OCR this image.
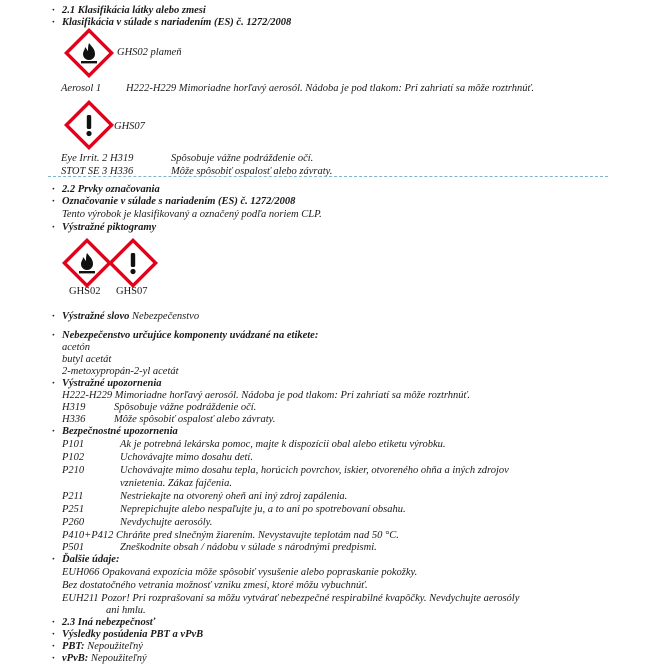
· 2.1 Klasifikácia látky alebo zmesi
· Klasifikácia v súlade s nariadením (ES) č. 1272/2008
GHS02 plameň
Aerosol 1 H222-H229 Mimoriadne horľavý aerosól. Nádoba je pod tlakom: Pri zahriatí sa môže roztrhnúť.
GHS07
Eye Irrit. 2 H319	Spôsobuje vážne podráždenie očí.
STOT SE 3 H336	Môže spôsobiť ospalosť alebo závraty.
· 2.2 Prvky označovania
· Označovanie v súlade s nariadením (ES) č. 1272/2008
Tento výrobok je klasifikovaný a označený podľa noriem CLP.
· Výstražné piktogramy
GHS02 GHS07
· Výstražné slovo Nebezpečenstvo
· Nebezpečenstvo určujúce komponenty uvádzané na etikete:
acetón
butyl acetát
2-metoxypropán-2-yl acetát
· Výstražné upozornenia
H222-H229 Mimoriadne horľavý aerosól. Nádoba je pod tlakom: Pri zahriatí sa môže roztrhnúť.
H319	Spôsobuje vážne podráždenie očí.
H336	Môže spôsobiť ospalosť alebo závraty.
· Bezpečnostné upozornenia
P101	Ak je potrebná lekárska pomoc, majte k dispozícii obal alebo etiketu výrobku.
P102	Uchovávajte mimo dosahu detí.
P210	Uchovávajte mimo dosahu tepla, horúcich povrchov, iskier, otvoreného ohňa a iných zdrojov
vznietenia. Zákaz fajčenia.
P211	Nestriekajte na otvorený oheň ani iný zdroj zapálenia.
P251	Neprepichujte alebo nespaľujte ju, a to ani po spotrebovaní obsahu.
P260	Nevdychujte aerosóly.
P410+P412 Chráňte pred slnečným žiarením. Nevystavujte teplotám nad 50 °C.
P501	Zneškodnite obsah / nádobu v súlade s národnými predpismi.
· Ďalšie údaje:
EUH066 Opakovaná expozícia môže spôsobiť vysušenie alebo popraskanie pokožky.
Bez dostatočného vetrania možnosť vzniku zmesí, ktoré môžu vybuchnúť.
EUH211 Pozor! Pri rozprašovaní sa môžu vytvárať nebezpečné respirabilné kvapôčky. Nevdychujte aerosóly
ani hmlu.
· 2.3 Iná nebezpečnosť
· Výsledky posúdenia PBT a vPvB
· PBT: Nepoužiteľný
· vPvB: Nepoužiteľný
